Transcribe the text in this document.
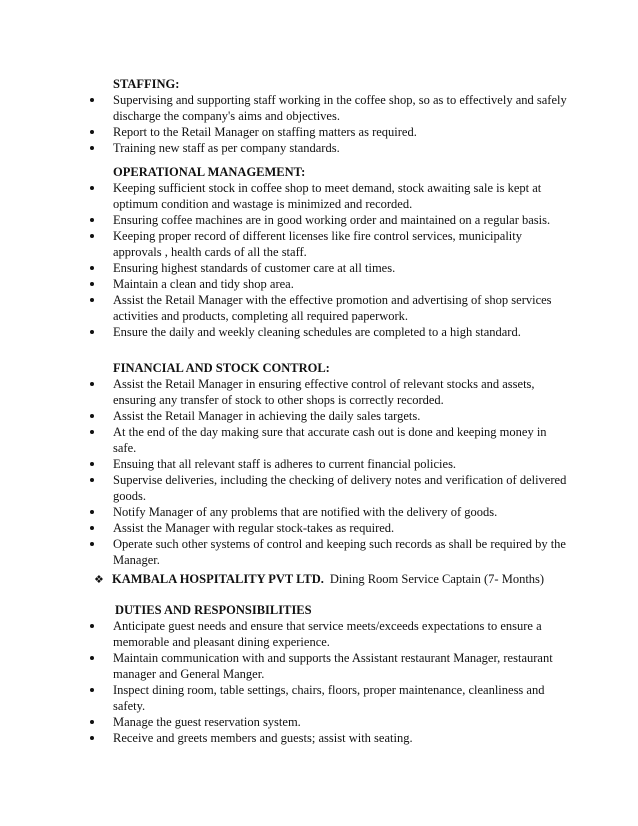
STAFFING:
Supervising and supporting staff working in the coffee shop, so as to effectively and safely discharge the company's aims and objectives.
Report to the Retail Manager on staffing matters as required.
Training new staff as per company standards.
OPERATIONAL MANAGEMENT:
Keeping sufficient stock in coffee shop to meet demand, stock awaiting sale is kept at optimum condition and wastage is minimized and recorded.
Ensuring coffee machines are in good working order and maintained on a regular basis.
Keeping proper record of different licenses like fire control services, municipality approvals , health cards of all the staff.
Ensuring highest standards of customer care at all times.
Maintain a clean and tidy shop area.
Assist the Retail Manager with the effective promotion and advertising of shop services activities and products, completing all required paperwork.
Ensure the daily and weekly cleaning schedules are completed to a high standard.
FINANCIAL AND STOCK CONTROL:
Assist the Retail Manager in ensuring effective control of relevant stocks and assets, ensuring any transfer of stock to other shops is correctly recorded.
Assist the Retail Manager in achieving the daily sales targets.
At the end of the day making sure that accurate cash out is done and keeping money in safe.
Ensuing that all relevant staff is adheres to current financial policies.
Supervise deliveries, including the checking of delivery notes and verification of delivered goods.
Notify Manager of any problems that are notified with the delivery of goods.
Assist the Manager with regular stock-takes as required.
Operate such other systems of control and keeping such records as shall be required by the Manager.
❖ KAMBALA HOSPITALITY PVT LTD. Dining Room Service Captain (7- Months)
DUTIES AND RESPONSIBILITIES
Anticipate guest needs and ensure that service meets/exceeds expectations to ensure a memorable and pleasant dining experience.
Maintain communication with and supports the Assistant restaurant Manager, restaurant manager and General Manger.
Inspect dining room, table settings, chairs, floors, proper maintenance, cleanliness and safety.
Manage the guest reservation system.
Receive and greets members and guests; assist with seating.
